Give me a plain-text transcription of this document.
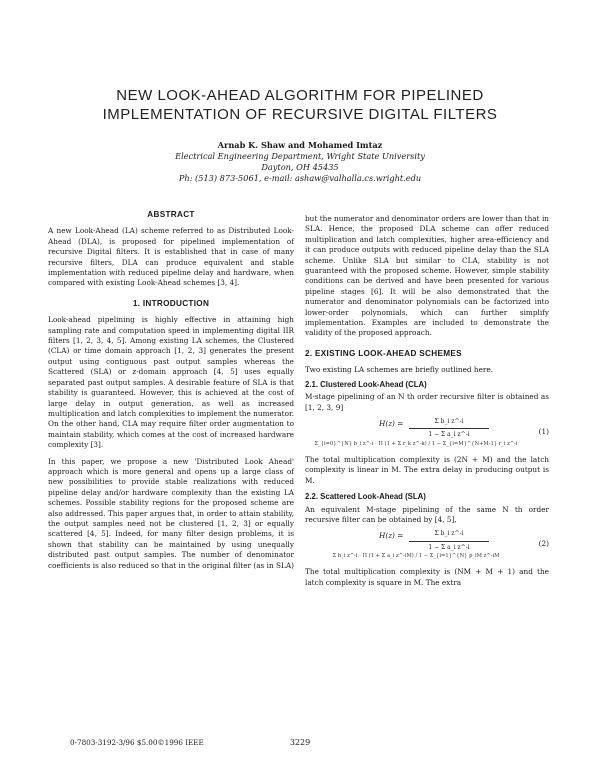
NEW LOOK-AHEAD ALGORITHM FOR PIPELINED
IMPLEMENTATION OF RECURSIVE DIGITAL FILTERS
Arnab K. Shaw and Mohamed Imtaz
Electrical Engineering Department, Wright State University
Dayton, OH 45435
Ph: (513) 873-5061, e-mail: ashaw@valhalla.cs.wright.edu
ABSTRACT

A new Look-Ahead (LA) scheme referred to as Distributed Look-Ahead (DLA), is proposed for pipelined implementation of recursive Digital filters. It is established that in case of many recursive filters, DLA can produce equivalent and stable implementation with reduced pipeline delay and hardware, when compared with existing Look-Ahead schemes [3, 4].

1. INTRODUCTION

Look-ahead pipelining is highly effective in attaining high sampling rate and computation speed in implementing digital IIR filters [1, 2, 3, 4, 5]. Among existing LA schemes, the Clustered (CLA) or time domain approach [1, 2, 3] generates the present output using contiguous past output samples whereas the Scattered (SLA) or z-domain approach [4, 5] uses equally separated past output samples. A desirable feature of SLA is that stability is guaranteed. However, this is achieved at the cost of large delay in output generation, as well as increased multiplication and latch complexities to implement the numerator. On the other hand, CLA may require filter order augmentation to maintain stability, which comes at the cost of increased hardware complexity [3].

In this paper, we propose a new 'Distributed Look Ahead' approach which is more general and opens up a large class of new possibilities to provide stable realizations with reduced pipeline delay and/or hardware complexity than the existing LA schemes. Possible stability regions for the proposed scheme are also addressed. This paper argues that, in order to attain stability, the output samples need not be clustered [1, 2, 3] or equally scattered [4, 5]. Indeed, for many filter design problems, it is shown that stability can be maintained by using unequally distributed past output samples. The number of denominator coefficients is also reduced so that in the original filter (as in SLA)

but the numerator and denominator orders are lower than that in SLA. Hence, the proposed DLA scheme can offer reduced multiplication and latch complexities, higher area-efficiency and it can produce outputs with reduced pipeline delay than the SLA scheme. Unlike SLA but similar to CLA, stability is not guaranteed with the proposed scheme. However, simple stability conditions can be derived and have been presented for various pipeline stages [6]. It will be also demonstrated that the numerator and denominator polynomials can be factorized into lower-order polynomials, which can further simplify implementation. Examples are included to demonstrate the validity of the proposed approach.

2. EXISTING LOOK-AHEAD SCHEMES

Two existing LA schemes are briefly outlined here.

2.1. Clustered Look-Ahead (CLA)

M-stage pipelining of an N th order recursive filter is obtained as [1, 2, 3, 9]

$H(z) = \frac{\text{Σ b\_i z\textasciicircum{}-i}}{\text{1 − Σ a\_i z\textasciicircum{}-i}}$
Σ_{i=0}^{N} b_i z^-i · Π (1 + Σ r_k z^-k) / 1 − Σ_{i=M}^{N+M-1} r_i z^-i
(1)

The total multiplication complexity is (2N + M) and the latch complexity is linear in M. The extra delay in producing output is M.

2.2. Scattered Look-Ahead (SLA)

An equivalent M-stage pipelining of the same N th order recursive filter can be obtained by [4, 5],

$H(z) = \frac{\text{Σ b\_i z\textasciicircum{}-i}}{\text{1 − Σ a\_i z\textasciicircum{}-i}}$
Σ b_i z^-i · Π (1 + Σ a_i z^-iM) / 1 − Σ_{i=1}^{N} p_iM z^-iM
(2)

The total multiplication complexity is (NM + M + 1) and the latch complexity is square in M. The extra

0-7803-3192-3/96 $5.00©1996 IEEE	3229
